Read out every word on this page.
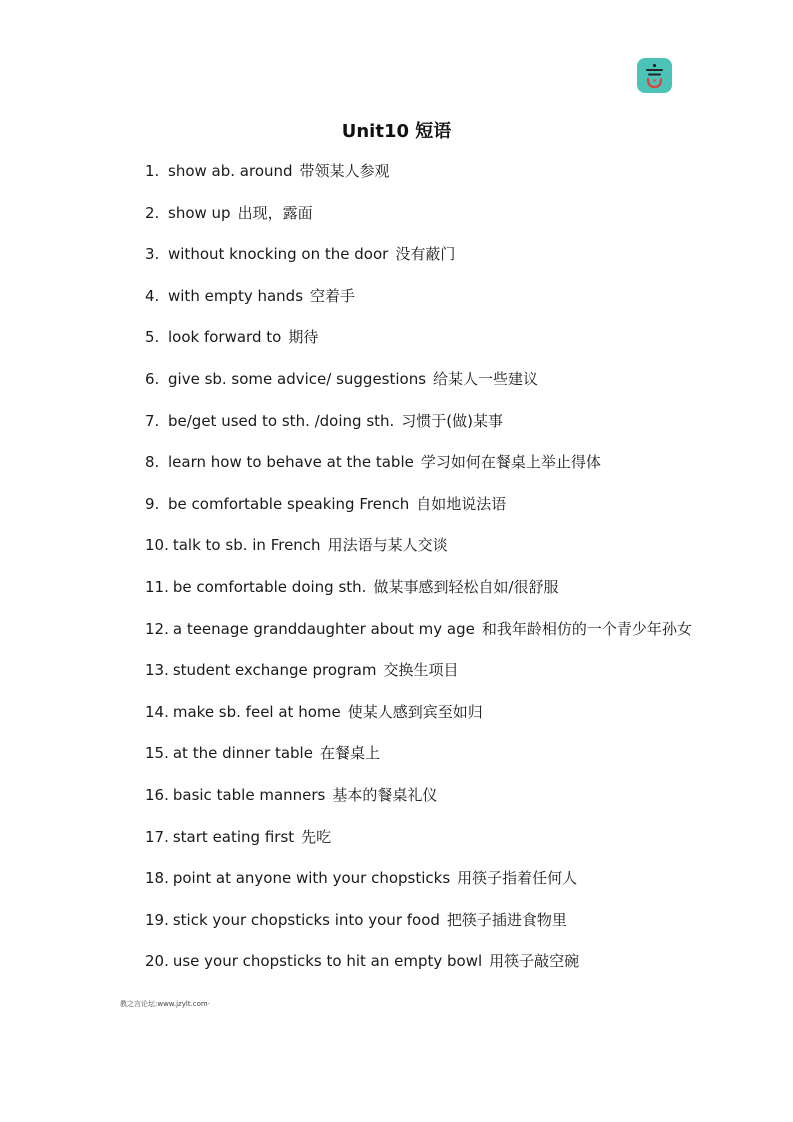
Unit10 短语
1. show ab. around 带领某人参观
2. show up 出现，露面
3. without knocking on the door 没有蔽门
4. with empty hands 空着手
5. look forward to 期待
6. give sb. some advice/ suggestions 给某人一些建议
7. be/get used to sth. /doing sth. 习惯于(做)某事
8. learn how to behave at the table 学习如何在餐桌上举止得体
9. be comfortable speaking French 自如地说法语
10. talk to sb. in French 用法语与某人交谈
11. be comfortable doing sth. 做某事感到轻松自如/很舒服
12. a teenage granddaughter about my age 和我年龄相仿的一个青少年孙女
13. student exchange program 交换生项目
14. make sb. feel at home 使某人感到宾至如归
15. at the dinner table 在餐桌上
16. basic table manners 基本的餐桌礼仪
17. start eating first 先吃
18. point at anyone with your chopsticks 用筷子指着任何人
19. stick your chopsticks into your food 把筷子插进食物里
20. use your chopsticks to hit an empty bowl 用筷子敲空碗
教之言论坛:www.jzylt.com·
